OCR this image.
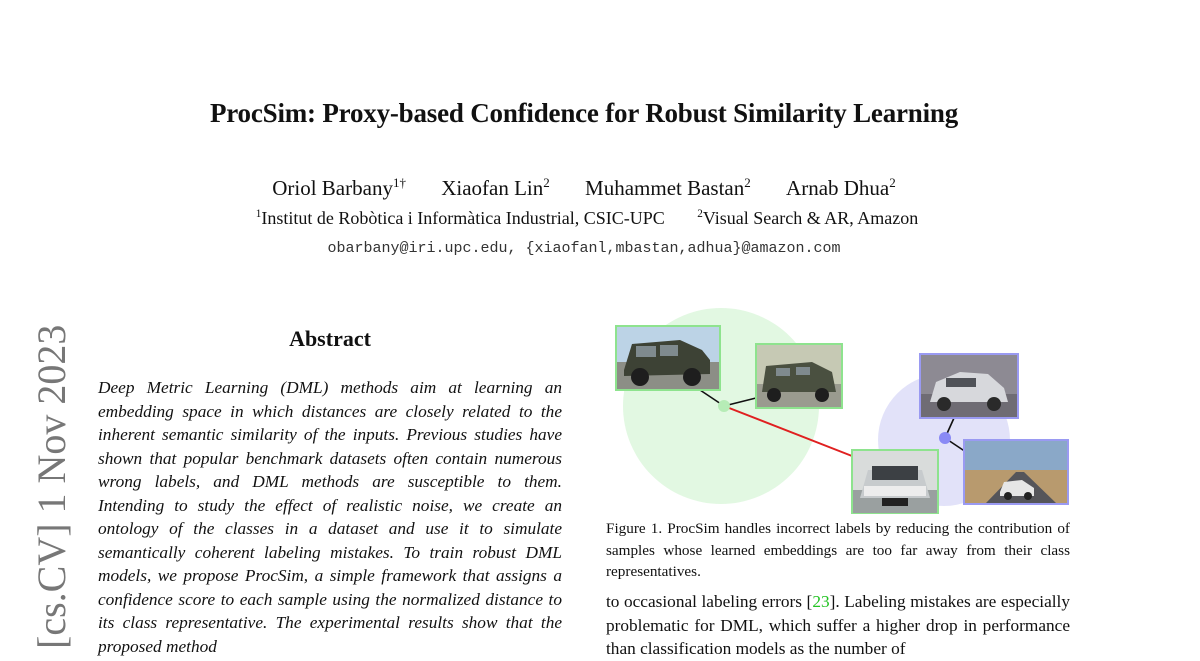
ProcSim: Proxy-based Confidence for Robust Similarity Learning
Oriol Barbany$^{1\dagger}$ Xiaofan Lin$^2$ Muhammet Bastan$^2$ Arnab Dhua$^2$
$^1$Institut de Robòtica i Informàtica Industrial, CSIC-UPC	$^2$Visual Search & AR, Amazon
obarbany@iri.upc.edu, {xiaofanl,mbastan,adhua}@amazon.com
[cs.CV] 1 Nov 2023	Abstract

Deep Metric Learning (DML) methods aim at learning an embedding space in which distances are closely related to the inherent semantic similarity of the inputs. Previous studies have shown that popular benchmark datasets often contain numerous wrong labels, and DML methods are susceptible to them. Intending to study the effect of realistic noise, we create an ontology of the classes in a dataset and use it to simulate semantically coherent labeling mistakes. To train robust DML models, we propose ProcSim, a simple framework that assigns a confidence score to each sample using the normalized distance to its class representative. The experimental results show that the proposed method

Figure 1. ProcSim handles incorrect labels by reducing the contribution of samples whose learned embeddings are too far away from their class representatives.

to occasional labeling errors [23]. Labeling mistakes are especially problematic for DML, which suffer a higher drop in performance than classification models as the number of
